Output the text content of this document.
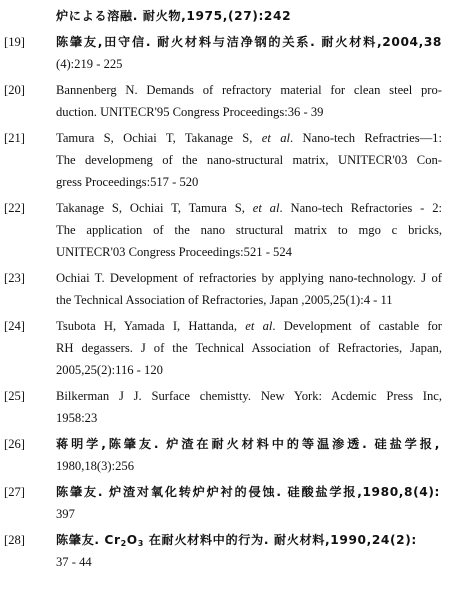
炉による溶融. 耐火物,1975,(27):242
[19]	陈肇友,田守信. 耐火材料与洁净钢的关系. 耐火材料,2004,38
(4):219 - 225
[20] Bannenberg N. Demands of refractory material for clean steel pro-
duction. UNITECR'95 Congress Proceedings:36 - 39
[21] Tamura S, Ochiai T, Takanage S, et al. Nano-tech Refractries—1:
The developmeng of the nano-structural matrix, UNITECR'03 Con-
gress Proceedings:517 - 520
[22] Takanage S, Ochiai T, Tamura S, et al. Nano-tech Refractories - 2:
The application of the nano structural matrix to mgo c bricks,
UNITECR'03 Congress Proceedings:521 - 524
[23] Ochiai T. Development of refractories by applying nano-technology. J of
the Technical Association of Refractories, Japan ,2005,25(1):4 - 11
[24] Tsubota H, Yamada I, Hattanda, et al. Development of castable for
RH degassers. J of the Technical Association of Refractories, Japan,
2005,25(2):116 - 120
[25] Bilkerman J J. Surface chemistty. New York: Acdemic Press Inc,
1958:23
[26]	蒋明学,陈肇友. 炉渣在耐火材料中的等温渗透. 硅盐学报,
1980,18(3):256
[27]	陈肇友. 炉渣对氧化转炉炉衬的侵蚀. 硅酸盐学报,1980,8(4):
397
[28]	陈肇友. $Cr_2O_3$ 在耐火材料中的行为. 耐火材料,1990,24(2):
37 - 44
